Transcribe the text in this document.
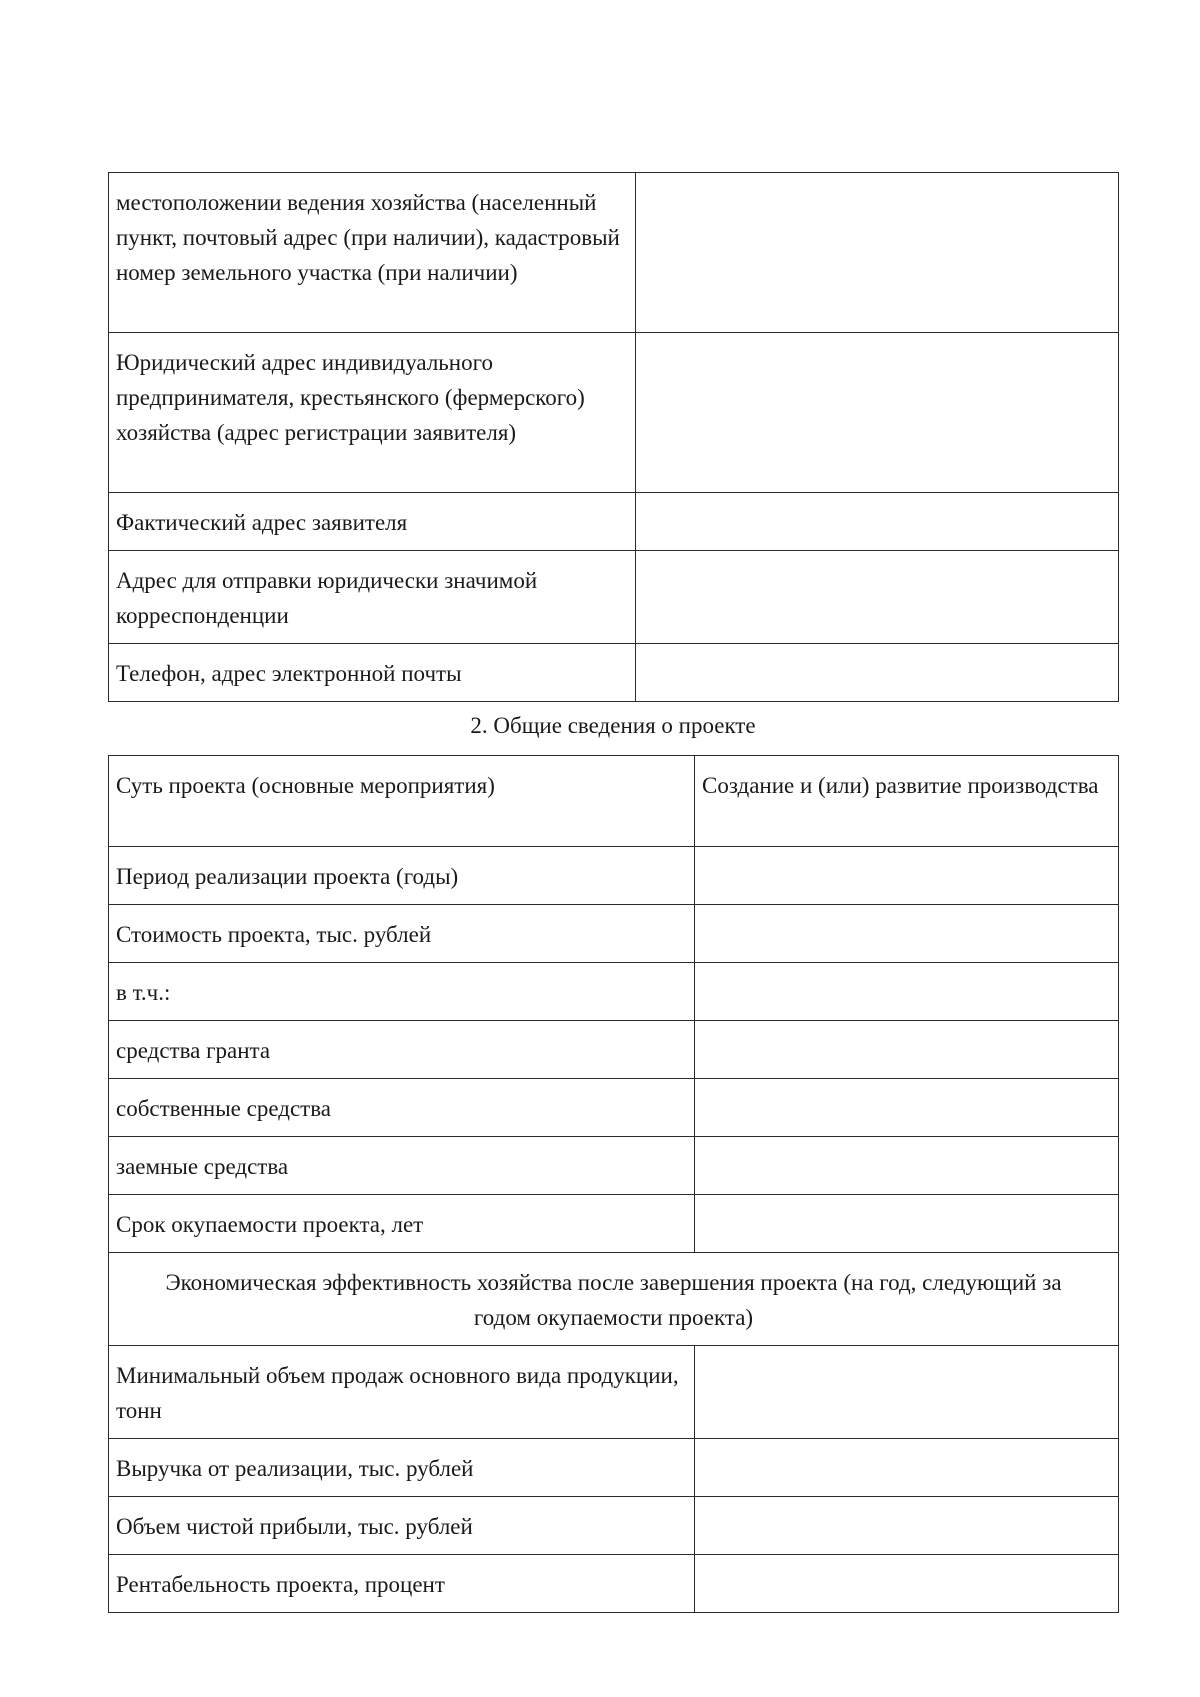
местоположении ведения хозяйства (населенный пункт, почтовый адрес (при наличии), кадастровый номер земельного участка (при наличии)	
Юридический адрес индивидуального предпринимателя, крестьянского (фермерского) хозяйства (адрес регистрации заявителя)	
Фактический адрес заявителя	
Адрес для отправки юридически значимой корреспонденции	
Телефон, адрес электронной почты	
2. Общие сведения о проекте
Суть проекта (основные мероприятия)	Создание и (или) развитие производства
Период реализации проекта (годы)	
Стоимость проекта, тыс. рублей	
в т.ч.:	
средства гранта	
собственные средства	
заемные средства	
Срок окупаемости проекта, лет	
Экономическая эффективность хозяйства после завершения проекта (на год, следующий за годом окупаемости проекта)	
Минимальный объем продаж основного вида продукции, тонн	
Выручка от реализации, тыс. рублей	
Объем чистой прибыли, тыс. рублей	
Рентабельность проекта, процент	
